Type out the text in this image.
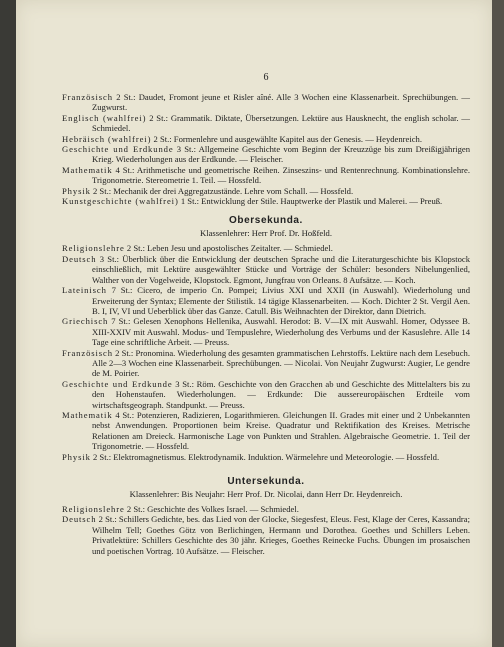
6

Französisch 2 St.: Daudet, Fromont jeune et Risler aîné. Alle 3 Wochen eine Klassenarbeit. Sprechübungen. — Zugwurst.

Englisch (wahlfrei) 2 St.: Grammatik. Diktate, Übersetzungen. Lektüre aus Hausknecht, the english scholar. — Schmiedel.

Hebräisch (wahlfrei) 2 St.: Formenlehre und ausgewählte Kapitel aus der Genesis. — Heydenreich.

Geschichte und Erdkunde 3 St.: Allgemeine Geschichte vom Beginn der Kreuzzüge bis zum Dreißigjährigen Krieg. Wiederholungen aus der Erdkunde. — Fleischer.

Mathematik 4 St.: Arithmetische und geometrische Reihen. Zinseszins- und Rentenrechnung. Kombinationslehre. Trigonometrie. Stereometrie 1. Teil. — Hossfeld.

Physik 2 St.: Mechanik der drei Aggregatzustände. Lehre vom Schall. — Hossfeld.

Kunstgeschichte (wahlfrei) 1 St.: Entwicklung der Stile. Hauptwerke der Plastik und Malerei. — Preuß.

Obersekunda.
Klassenlehrer: Herr Prof. Dr. Hoßfeld.

Religionslehre 2 St.: Leben Jesu und apostolisches Zeitalter. — Schmiedel.

Deutsch 3 St.: Überblick über die Entwicklung der deutschen Sprache und die Literaturgeschichte bis Klopstock einschließlich, mit Lektüre ausgewählter Stücke und Vorträge der Schüler: besonders Nibelungenlied, Walther von der Vogelweide, Klopstock. Egmont, Jungfrau von Orleans. 8 Aufsätze. — Koch.

Lateinisch 7 St.: Cicero, de imperio Cn. Pompei; Livius XXI und XXII (in Auswahl). Wiederholung und Erweiterung der Syntax; Elemente der Stilistik. 14 tägige Klassenarbeiten. — Koch. Dichter 2 St. Vergil Aen. B. I, IV, VI und Ueberblick über das Ganze. Catull. Bis Weihnachten der Direktor, dann Dietrich.

Griechisch 7 St.: Gelesen Xenophons Hellenika, Auswahl. Herodot: B. V—IX mit Auswahl. Homer, Odyssee B. XIII-XXIV mit Auswahl. Modus- und Tempuslehre, Wiederholung des Verbums und der Kasuslehre. Alle 14 Tage eine schriftliche Arbeit. — Preuss.

Französisch 2 St.: Pronomina. Wiederholung des gesamten grammatischen Lehrstoffs. Lektüre nach dem Lesebuch. Alle 2—3 Wochen eine Klassenarbeit. Sprechübungen. — Nicolai. Von Neujahr Zugwurst: Augier, Le gendre de M. Poirier.

Geschichte und Erdkunde 3 St.: Röm. Geschichte von den Gracchen ab und Geschichte des Mittelalters bis zu den Hohenstaufen. Wiederholungen. — Erdkunde: Die aussereuropäischen Erdteile vom wirtschaftsgeograph. Standpunkt. — Preuss.

Mathematik 4 St.: Potenzieren, Radizieren, Logarithmieren. Gleichungen II. Grades mit einer und 2 Unbekannten nebst Anwendungen. Proportionen beim Kreise. Quadratur und Rektifikation des Kreises. Metrische Relationen am Dreieck. Harmonische Lage von Punkten und Strahlen. Algebraische Geometrie. 1. Teil der Trigonometrie. — Hossfeld.

Physik 2 St.: Elektromagnetismus. Elektrodynamik. Induktion. Wärmelehre und Meteorologie. — Hossfeld.

Untersekunda.
Klassenlehrer: Bis Neujahr: Herr Prof. Dr. Nicolai, dann Herr Dr. Heydenreich.

Religionslehre 2 St.: Geschichte des Volkes Israel. — Schmiedel.

Deutsch 2 St.: Schillers Gedichte, bes. das Lied von der Glocke, Siegesfest, Eleus. Fest, Klage der Ceres, Kassandra; Wilhelm Tell; Goethes Götz von Berlichingen, Hermann und Dorothea. Goethes und Schillers Leben. Privatlektüre: Schillers Geschichte des 30 jähr. Krieges, Goethes Reinecke Fuchs. Übungen im prosaischen und poetischen Vortrag. 10 Aufsätze. — Fleischer.
